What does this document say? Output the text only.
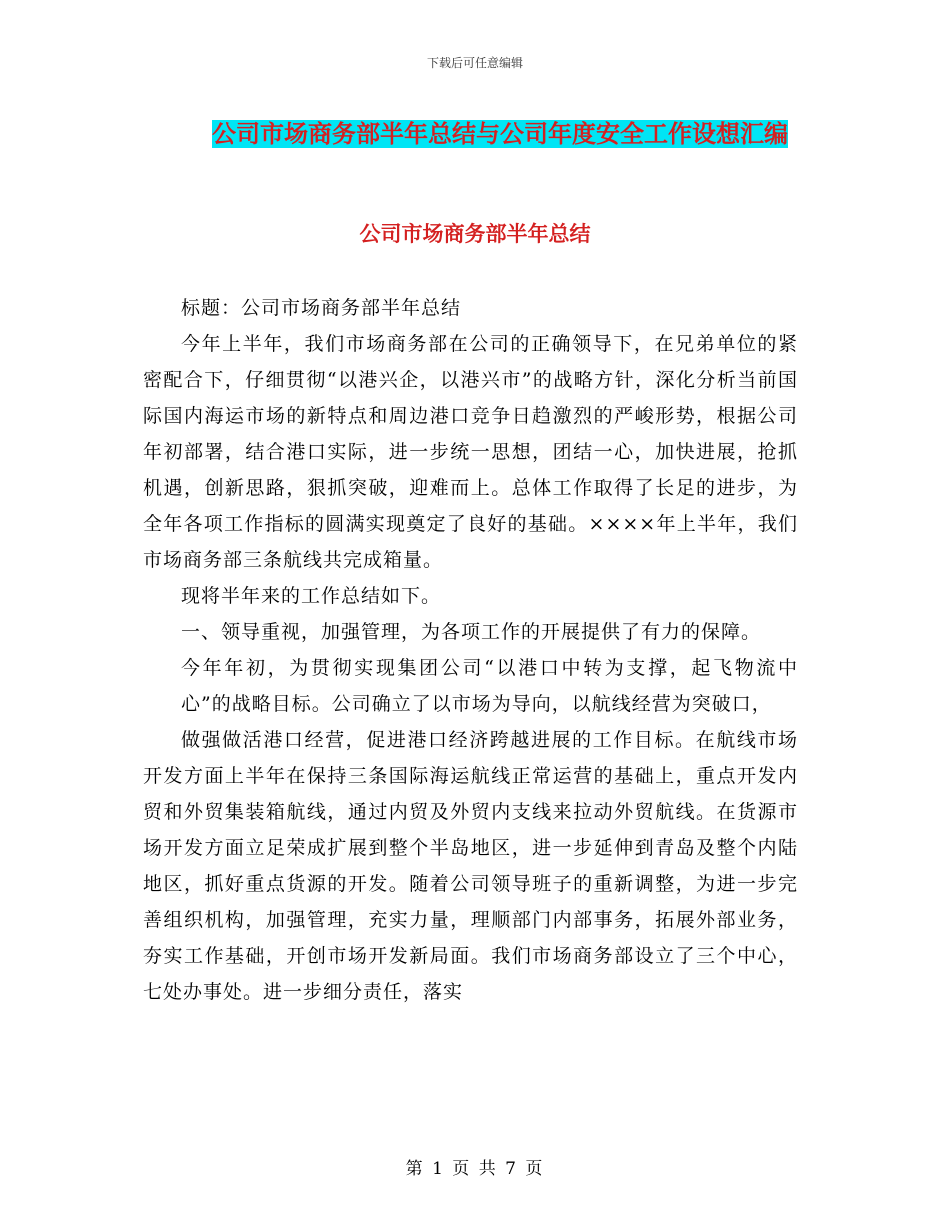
下载后可任意编辑
公司市场商务部半年总结与公司年度安全工作设想汇编
公司市场商务部半年总结

标题：公司市场商务部半年总结

今年上半年，我们市场商务部在公司的正确领导下，在兄弟单位的紧密配合下，仔细贯彻“以港兴企，以港兴市”的战略方针，深化分析当前国际国内海运市场的新特点和周边港口竞争日趋激烈的严峻形势，根据公司年初部署，结合港口实际，进一步统一思想，团结一心，加快进展，抢抓机遇，创新思路，狠抓突破，迎难而上。总体工作取得了长足的进步，为全年各项工作指标的圆满实现奠定了良好的基础。××××年上半年，我们市场商务部三条航线共完成箱量。

现将半年来的工作总结如下。

一、领导重视，加强管理，为各项工作的开展提供了有力的保障。

今年年初，为贯彻实现集团公司“以港口中转为支撑，起飞物流中心”的战略目标。公司确立了以市场为导向，以航线经营为突破口，

做强做活港口经营，促进港口经济跨越进展的工作目标。在航线市场开发方面上半年在保持三条国际海运航线正常运营的基础上，重点开发内贸和外贸集装箱航线，通过内贸及外贸内支线来拉动外贸航线。在货源市场开发方面立足荣成扩展到整个半岛地区，进一步延伸到青岛及整个内陆地区，抓好重点货源的开发。随着公司领导班子的重新调整，为进一步完善组织机构，加强管理，充实力量，理顺部门内部事务，拓展外部业务，夯实工作基础，开创市场开发新局面。我们市场商务部设立了三个中心，七处办事处。进一步细分责任，落实

第 1 页 共 7 页
